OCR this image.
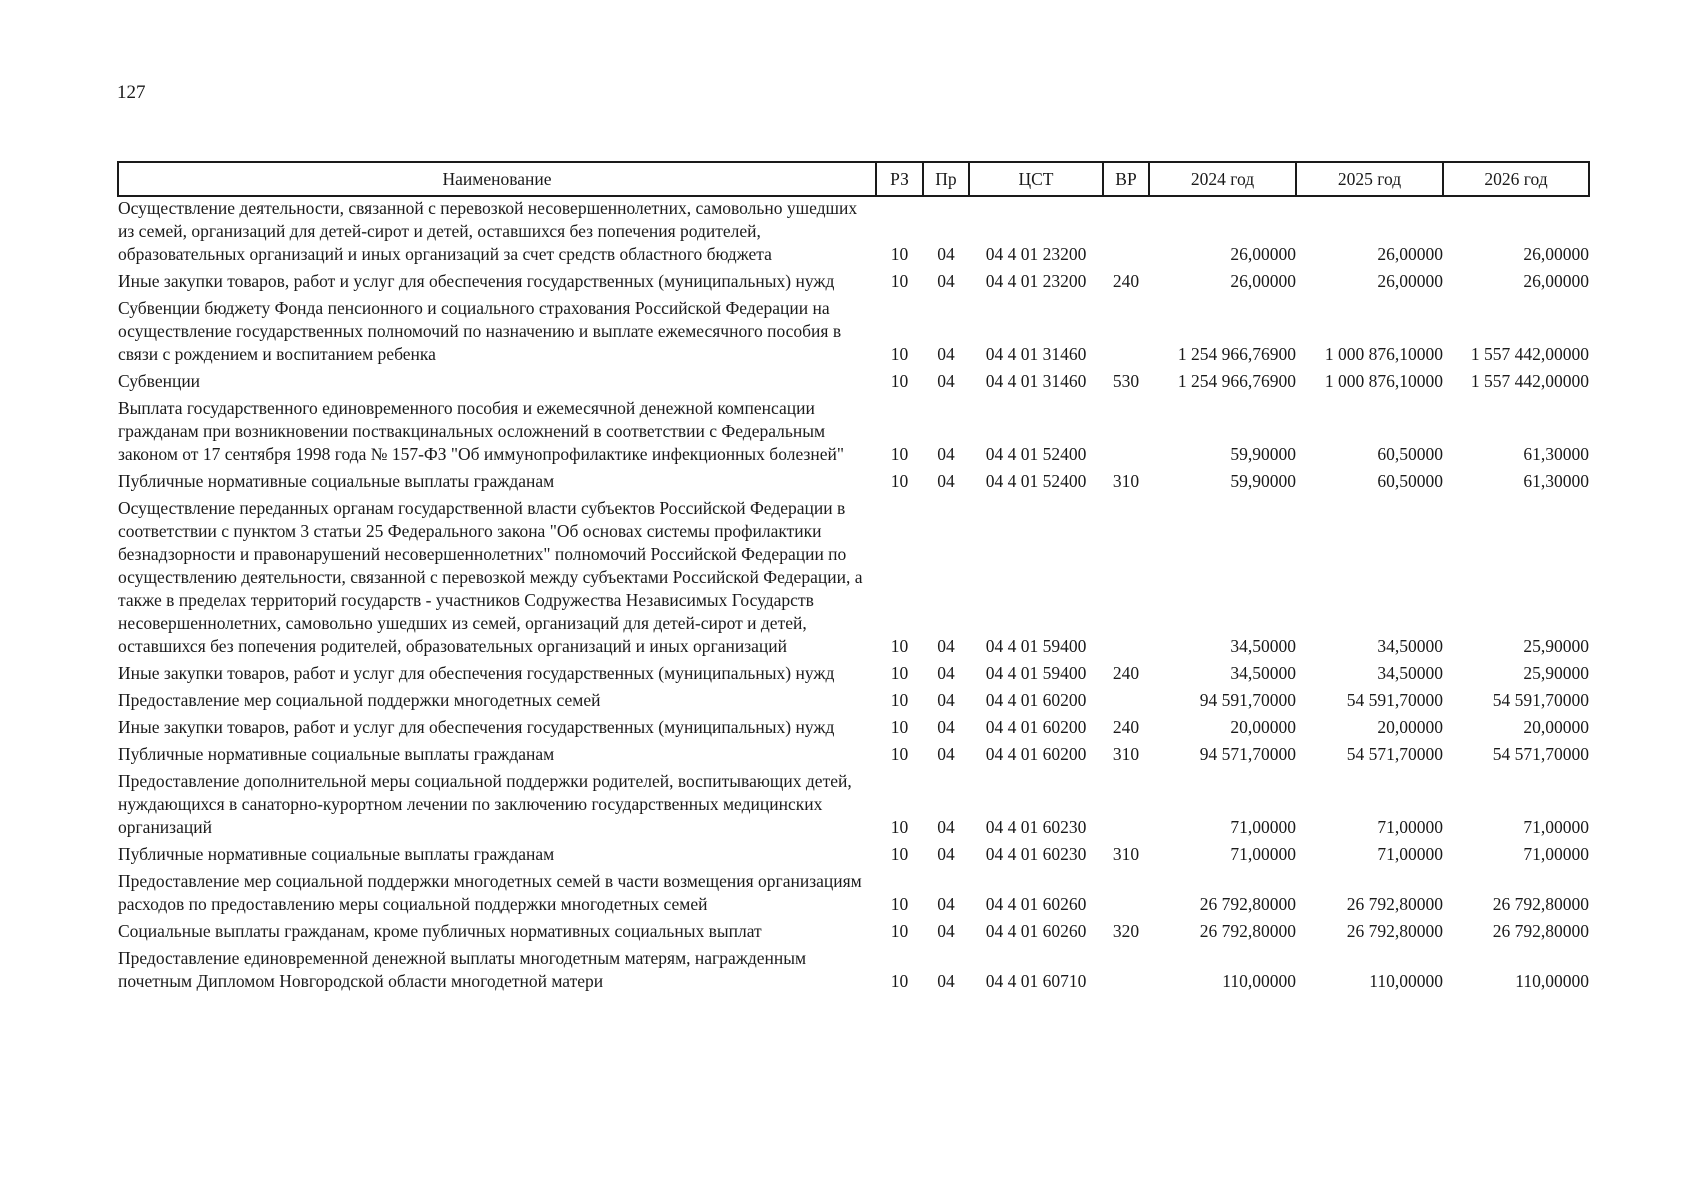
127
Наименование	РЗ	Пр	ЦСТ	ВР	2024 год	2025 год	2026 год
Осуществление деятельности, связанной с перевозкой несовершеннолетних, самовольно ушедших из семей, организаций для детей-сирот и детей, оставшихся без попечения родителей, образовательных организаций и иных организаций за счет средств областного бюджета	10	04	04 4 01 23200		26,00000	26,00000	26,00000
Иные закупки товаров, работ и услуг для обеспечения государственных (муниципальных) нужд	10	04	04 4 01 23200	240	26,00000	26,00000	26,00000
Субвенции бюджету Фонда пенсионного и социального страхования Российской Федерации на осуществление государственных полномочий по назначению и выплате ежемесячного пособия в связи с рождением и воспитанием ребенка	10	04	04 4 01 31460		1 254 966,76900	1 000 876,10000	1 557 442,00000
Субвенции	10	04	04 4 01 31460	530	1 254 966,76900	1 000 876,10000	1 557 442,00000
Выплата государственного единовременного пособия и ежемесячной денежной компенсации гражданам при возникновении поствакцинальных осложнений в соответствии с Федеральным законом от 17 сентября 1998 года № 157-ФЗ "Об иммунопрофилактике инфекционных болезней"	10	04	04 4 01 52400		59,90000	60,50000	61,30000
Публичные нормативные социальные выплаты гражданам	10	04	04 4 01 52400	310	59,90000	60,50000	61,30000
Осуществление переданных органам государственной власти субъектов Российской Федерации в соответствии с пунктом 3 статьи 25 Федерального закона "Об основах системы профилактики безнадзорности и правонарушений несовершеннолетних" полномочий Российской Федерации по осуществлению деятельности, связанной с перевозкой между субъектами Российской Федерации, а также в пределах территорий государств - участников Содружества Независимых Государств несовершеннолетних, самовольно ушедших из семей, организаций для детей-сирот и детей, оставшихся без попечения родителей, образовательных организаций и иных организаций	10	04	04 4 01 59400		34,50000	34,50000	25,90000
Иные закупки товаров, работ и услуг для обеспечения государственных (муниципальных) нужд	10	04	04 4 01 59400	240	34,50000	34,50000	25,90000
Предоставление мер социальной поддержки многодетных семей	10	04	04 4 01 60200		94 591,70000	54 591,70000	54 591,70000
Иные закупки товаров, работ и услуг для обеспечения государственных (муниципальных) нужд	10	04	04 4 01 60200	240	20,00000	20,00000	20,00000
Публичные нормативные социальные выплаты гражданам	10	04	04 4 01 60200	310	94 571,70000	54 571,70000	54 571,70000
Предоставление дополнительной меры социальной поддержки родителей, воспитывающих детей, нуждающихся в санаторно-курортном лечении по заключению государственных медицинских организаций	10	04	04 4 01 60230		71,00000	71,00000	71,00000
Публичные нормативные социальные выплаты гражданам	10	04	04 4 01 60230	310	71,00000	71,00000	71,00000
Предоставление мер социальной поддержки многодетных семей в части возмещения организациям расходов по предоставлению меры социальной поддержки многодетных семей	10	04	04 4 01 60260		26 792,80000	26 792,80000	26 792,80000
Социальные выплаты гражданам, кроме публичных нормативных социальных выплат	10	04	04 4 01 60260	320	26 792,80000	26 792,80000	26 792,80000
Предоставление единовременной денежной выплаты многодетным матерям, награжденным почетным Дипломом Новгородской области многодетной матери	10	04	04 4 01 60710		110,00000	110,00000	110,00000
